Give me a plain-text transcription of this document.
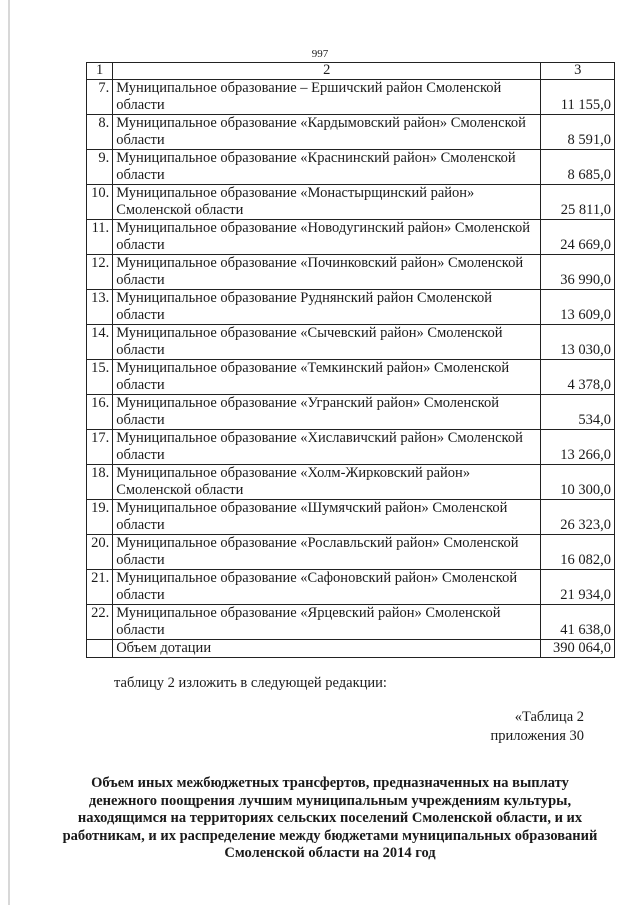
997
1	2	3
7.	Муниципальное образование – Ершичский район Смоленской области	11 155,0
8.	Муниципальное образование «Кардымовский район» Смоленской области	8 591,0
9.	Муниципальное образование «Краснинский район» Смоленской области	8 685,0
10.	Муниципальное образование «Монастырщинский район» Смоленской области	25 811,0
11.	Муниципальное образование «Новодугинский район» Смоленской области	24 669,0
12.	Муниципальное образование «Починковский район» Смоленской области	36 990,0
13.	Муниципальное образование Руднянский район Смоленской области	13 609,0
14.	Муниципальное образование «Сычевский район» Смоленской области	13 030,0
15.	Муниципальное образование «Темкинский район» Смоленской области	4 378,0
16.	Муниципальное образование «Угранский район» Смоленской области	534,0
17.	Муниципальное образование «Хиславичский район» Смоленской области	13 266,0
18.	Муниципальное образование «Холм-Жирковский район» Смоленской области	10 300,0
19.	Муниципальное образование «Шумячский район» Смоленской области	26 323,0
20.	Муниципальное образование «Рославльский район» Смоленской области	16 082,0
21.	Муниципальное образование «Сафоновский район» Смоленской области	21 934,0
22.	Муниципальное образование «Ярцевский район» Смоленской области	41 638,0
	Объем дотации	390 064,0
таблицу 2 изложить в следующей редакции:
«Таблица 2
приложения 30
Объем иных межбюджетных трансфертов, предназначенных на выплату денежного поощрения лучшим муниципальным учреждениям культуры, находящимся на территориях сельских поселений Смоленской области, и их работникам, и их распределение между бюджетами муниципальных образований Смоленской области на 2014 год
